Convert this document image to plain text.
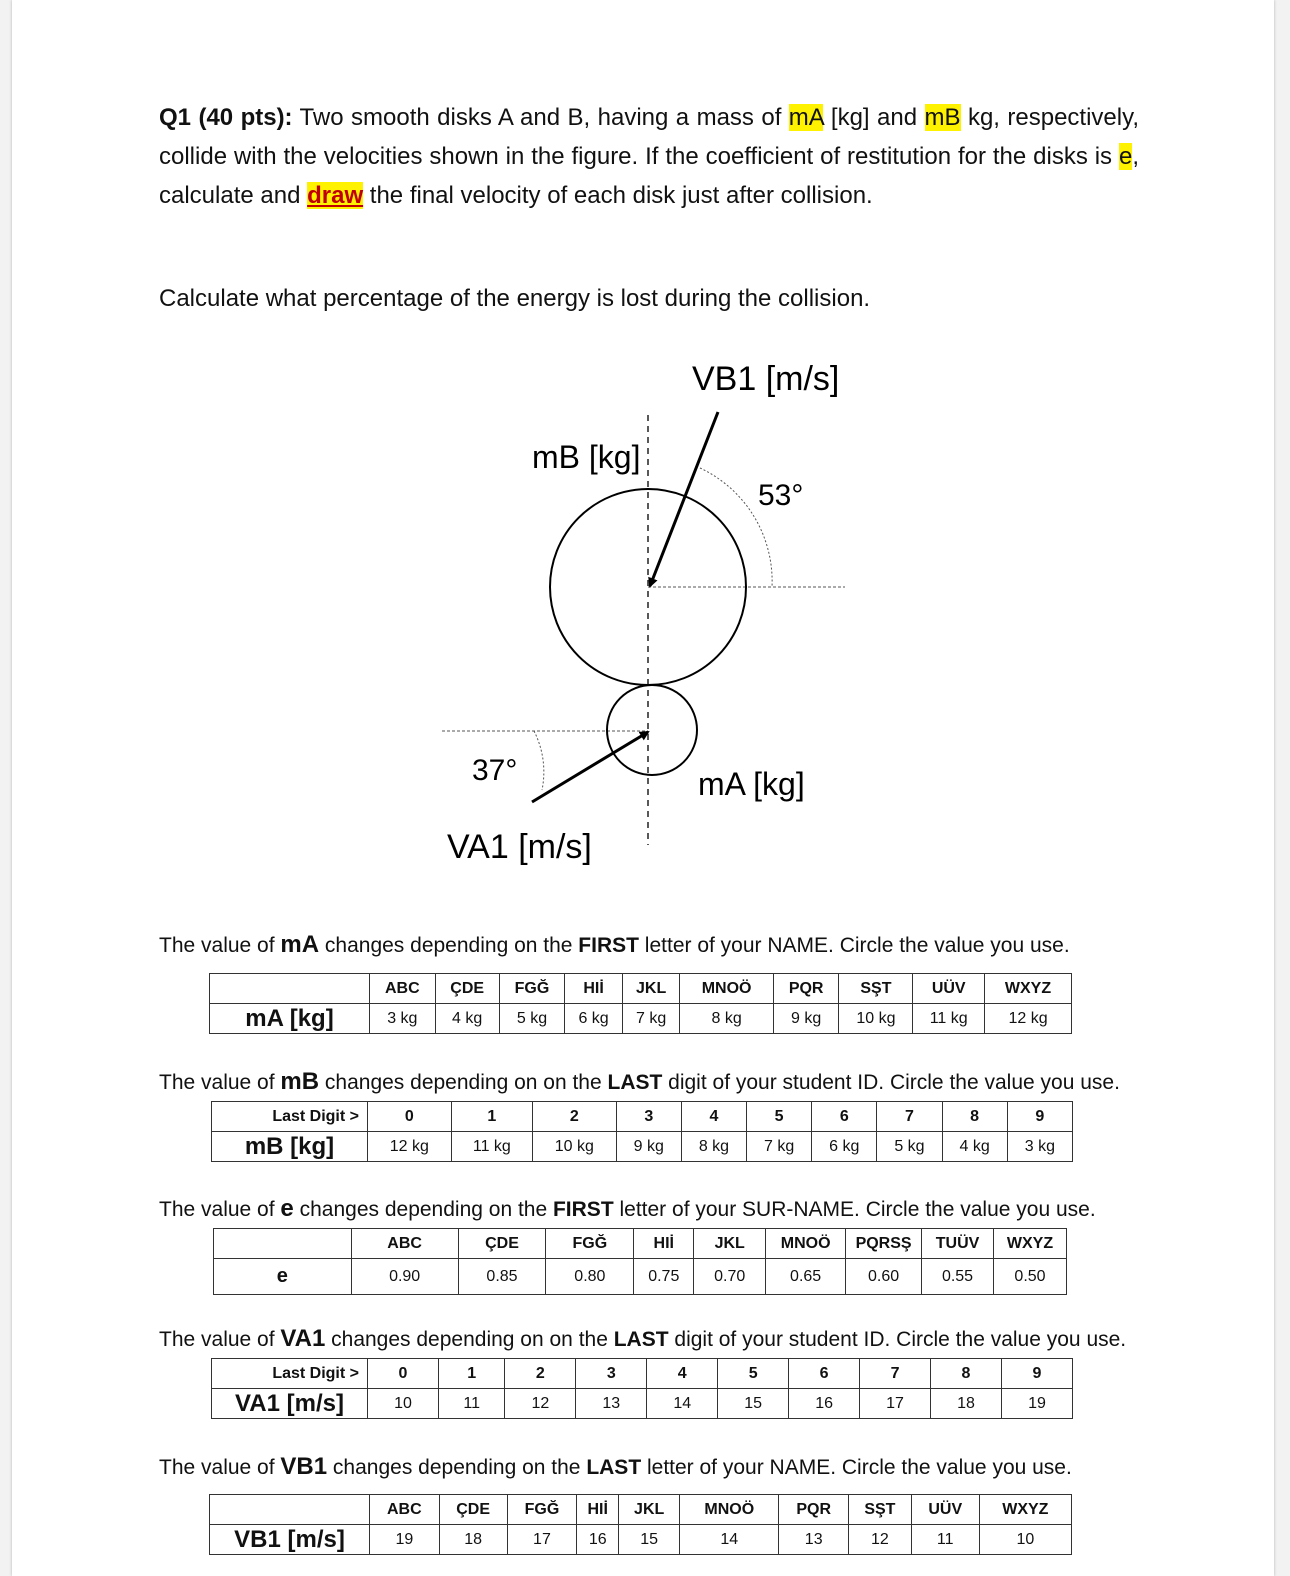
Q1 (40 pts): Two smooth disks A and B, having a mass of mA [kg] and mB kg, respectively, collide with the velocities shown in the figure. If the coefficient of restitution for the disks is e, calculate and draw the final velocity of each disk just after collision.
Calculate what percentage of the energy is lost during the collision.
VB1 [m/s]
mB [kg]
53°
37°	mA [kg]
VA1 [m/s]
The value of mA changes depending on the FIRST letter of your NAME. Circle the value you use.
	ABC	ÇDE	FGĞ	HIİ	JKL	MNOÖ	PQR	SŞT	UÜV	WXYZ
mA [kg]	3 kg	4 kg	5 kg	6 kg	7 kg	8 kg	9 kg	10 kg	11 kg	12 kg
The value of mB changes depending on on the LAST digit of your student ID. Circle the value you use.
Last Digit >	0	1	2	3	4	5	6	7	8	9
mB [kg]	12 kg	11 kg	10 kg	9 kg	8 kg	7 kg	6 kg	5 kg	4 kg	3 kg
The value of e changes depending on the FIRST letter of your SUR-NAME. Circle the value you use.
	ABC	ÇDE	FGĞ	HIİ	JKL	MNOÖ	PQRSŞ	TUÜV	WXYZ
e	0.90	0.85	0.80	0.75	0.70	0.65	0.60	0.55	0.50
The value of VA1 changes depending on on the LAST digit of your student ID. Circle the value you use.
Last Digit >	0	1	2	3	4	5	6	7	8	9
VA1 [m/s]	10	11	12	13	14	15	16	17	18	19
The value of VB1 changes depending on the LAST letter of your NAME. Circle the value you use.
	ABC	ÇDE	FGĞ	HIİ	JKL	MNOÖ	PQR	SŞT	UÜV	WXYZ
VB1 [m/s]	19	18	17	16	15	14	13	12	11	10
